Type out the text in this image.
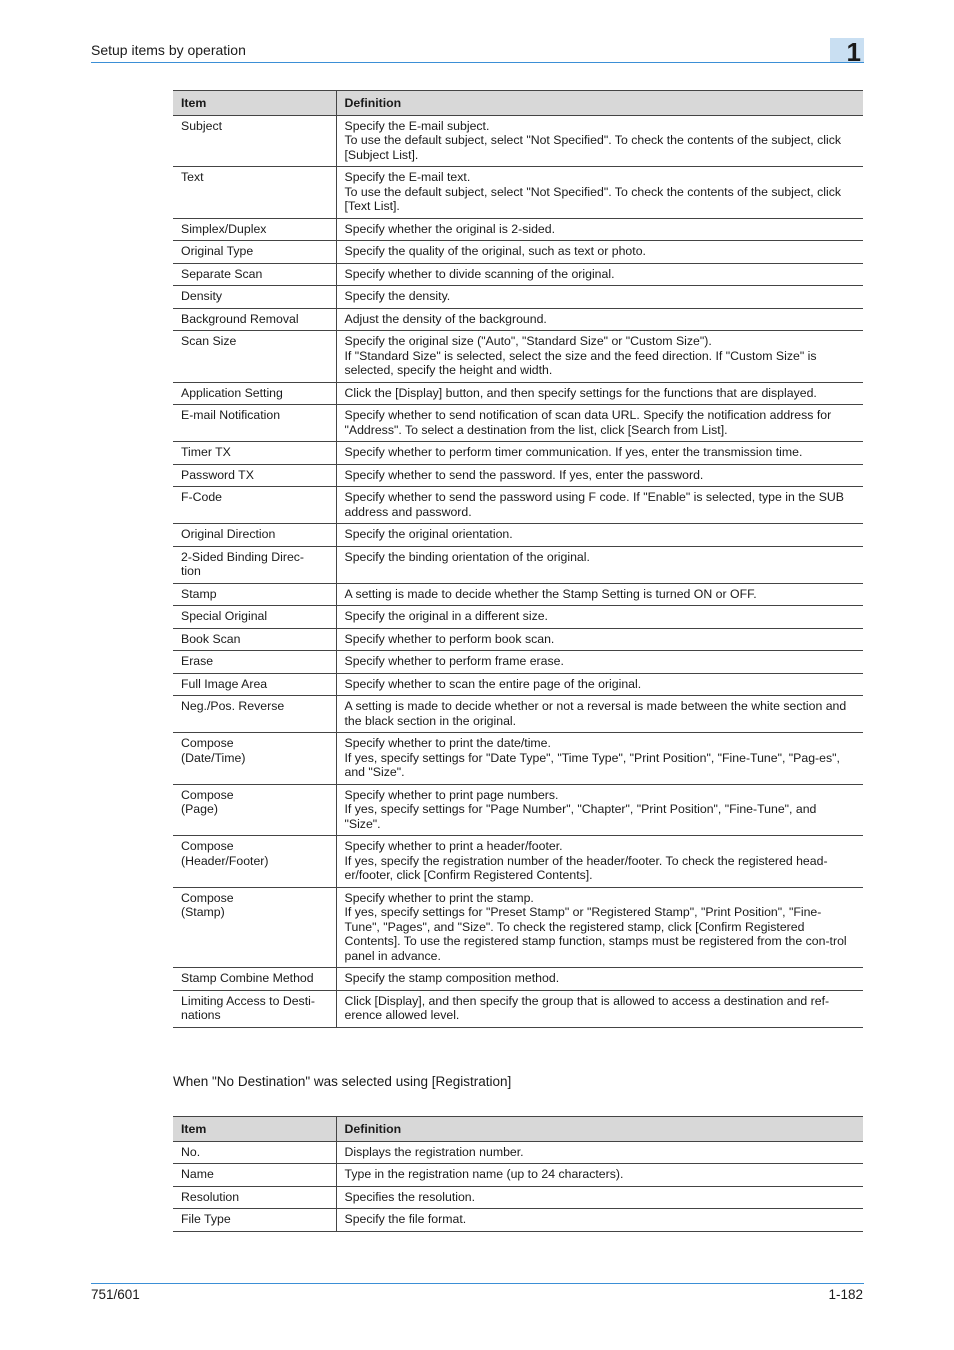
Setup items by operation	1
Item	Definition

Subject	Specify the E-mail subject.
To use the default subject, select "Not Specified". To check the contents of the subject, click [Subject List].

Text	Specify the E-mail text.
To use the default subject, select "Not Specified". To check the contents of the subject, click [Text List].

Simplex/Duplex	Specify whether the original is 2-sided.

Original Type	Specify the quality of the original, such as text or photo.

Separate Scan	Specify whether to divide scanning of the original.

Density	Specify the density.

Background Removal	Adjust the density of the background.

Scan Size	Specify the original size ("Auto", "Standard Size" or "Custom Size").
If "Standard Size" is selected, select the size and the feed direction. If "Custom Size" is selected, specify the height and width.

Application Setting	Click the [Display] button, and then specify settings for the functions that are displayed.

E-mail Notification	Specify whether to send notification of scan data URL. Specify the notification address for "Address". To select a destination from the list, click [Search from List].

Timer TX	Specify whether to perform timer communication. If yes, enter the transmission time.

Password TX	Specify whether to send the password. If yes, enter the password.

F-Code	Specify whether to send the password using F code. If "Enable" is selected, type in the SUB address and password.

Original Direction	Specify the original orientation.

2-Sided Binding Direc-
tion	Specify the binding orientation of the original.

Stamp	A setting is made to decide whether the Stamp Setting is turned ON or OFF.

Special Original	Specify the original in a different size.

Book Scan	Specify whether to perform book scan.

Erase	Specify whether to perform frame erase.

Full Image Area	Specify whether to scan the entire page of the original.

Neg./Pos. Reverse	A setting is made to decide whether or not a reversal is made between the white section and the black section in the original.

Compose
(Date/Time)	Specify whether to print the date/time.
If yes, specify settings for "Date Type", "Time Type", "Print Position", "Fine-Tune", "Pag-es", and "Size".

Compose
(Page)	Specify whether to print page numbers.
If yes, specify settings for "Page Number", "Chapter", "Print Position", "Fine-Tune", and "Size".

Compose
(Header/Footer)	Specify whether to print a header/footer.
If yes, specify the registration number of the header/footer. To check the registered head-er/footer, click [Confirm Registered Contents].

Compose
(Stamp)	Specify whether to print the stamp.
If yes, specify settings for "Preset Stamp" or "Registered Stamp", "Print Position", "Fine-Tune", "Pages", and "Size". To check the registered stamp, click [Confirm Registered Contents]. To use the registered stamp function, stamps must be registered from the con-trol panel in advance.

Stamp Combine Method	Specify the stamp composition method.

Limiting Access to Desti-
nations	Click [Display], and then specify the group that is allowed to access a destination and ref-erence allowed level.
When "No Destination" was selected using [Registration]
Item	Definition

No.	Displays the registration number.

Name	Type in the registration name (up to 24 characters).

Resolution	Specifies the resolution.

File Type	Specify the file format.
751/601	1-182
